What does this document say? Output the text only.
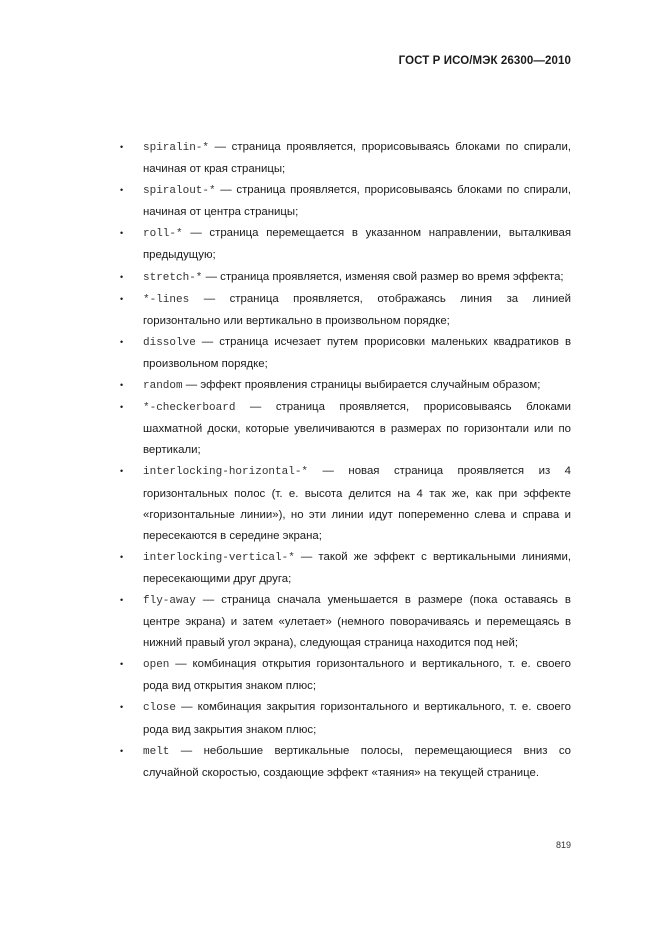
ГОСТ Р ИСО/МЭК 26300—2010
• spiralin-* — страница проявляется, прорисовываясь блоками по спирали, начиная от края страницы;
• spiralout-* — страница проявляется, прорисовываясь блоками по спирали, начиная от центра страницы;
• roll-* — страница перемещается в указанном направлении, выталкивая предыдущую;
• stretch-* — страница проявляется, изменяя свой размер во время эффекта;
• *-lines — страница проявляется, отображаясь линия за линией горизонтально или вертикально в произвольном порядке;
• dissolve — страница исчезает путем прорисовки маленьких квадратиков в произвольном порядке;
• random — эффект проявления страницы выбирается случайным образом;
• *-checkerboard — страница проявляется, прорисовываясь блоками шахматной доски, которые увеличиваются в размерах по горизонтали или по вертикали;
• interlocking-horizontal-* — новая страница проявляется из 4 горизонтальных полос (т. е. высота делится на 4 так же, как при эффекте «горизонтальные линии»), но эти линии идут попеременно слева и справа и пересекаются в середине экрана;
• interlocking-vertical-* — такой же эффект с вертикальными линиями, пересекающими друг друга;
• fly-away — страница сначала уменьшается в размере (пока оставаясь в центре экрана) и затем «улетает» (немного поворачиваясь и перемещаясь в нижний правый угол экрана), следующая страница находится под ней;
• open — комбинация открытия горизонтального и вертикального, т. е. своего рода вид открытия знаком плюс;
• close — комбинация закрытия горизонтального и вертикального, т. е. своего рода вид закрытия знаком плюс;
• melt — небольшие вертикальные полосы, перемещающиеся вниз со случайной скоростью, создающие эффект «таяния» на текущей странице.
819
